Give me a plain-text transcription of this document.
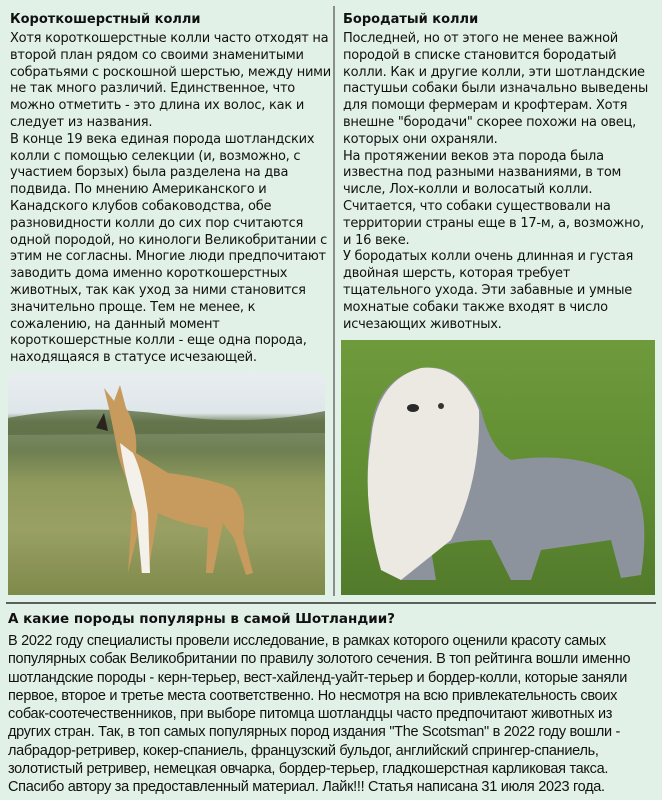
Короткошерстный колли
Хотя короткошерстные колли часто отходят на
второй план рядом со своими знаменитыми
собратьями с роскошной шерстью, между ними
не так много различий. Единственное, что
можно отметить - это длина их волос, как и
следует из названия.
В конце 19 века единая порода шотландских
колли с помощью селекции (и, возможно, с
участием борзых) была разделена на два
подвида. По мнению Американского и
Канадского клубов собаководства, обе
разновидности колли до сих пор считаются
одной породой, но кинологи Великобритании с
этим не согласны. Многие люди предпочитают
заводить дома именно короткошерстных
животных, так как уход за ними становится
значительно проще. Тем не менее, к
сожалению, на данный момент
короткошерстные колли - еще одна порода,
находящаяся в статусе исчезающей.
Бородатый колли
Последней, но от этого не менее важной
породой в списке становится бородатый
колли. Как и другие колли, эти шотландские
пастушьи собаки были изначально выведены
для помощи фермерам и крофтерам. Хотя
внешне "бородачи" скорее похожи на овец,
которых они охраняли.
На протяжении веков эта порода была
известна под разными названиями, в том
числе, Лох-колли и волосатый колли.
Считается, что собаки существовали на
территории страны еще в 17-м, а, возможно,
и 16 веке.
У бородатых колли очень длинная и густая
двойная шерсть, которая требует
тщательного ухода. Эти забавные и умные
мохнатые собаки также входят в число
исчезающих животных.
А какие породы популярны в самой Шотландии?
В 2022 году специалисты провели исследование, в рамках которого оценили красоту самых
популярных собак Великобритании по правилу золотого сечения. В топ рейтинга вошли именно
шотландские породы - керн-терьер, вест-хайленд-уайт-терьер и бордер-колли, которые заняли
первое, второе и третье места соответственно. Но несмотря на всю привлекательность своих
собак-соотечественников, при выборе питомца шотландцы часто предпочитают животных из
других стран. Так, в топ самых популярных пород издания "The Scotsman" в 2022 году вошли -
лабрадор-ретривер, кокер-спаниель, французский бульдог, английский спрингер-спаниель,
золотистый ретривер, немецкая овчарка, бордер-терьер, гладкошерстная карликовая такса.
Спасибо автору за предоставленный материал. Лайк!!! Статья написана 31 июля 2023 года.
